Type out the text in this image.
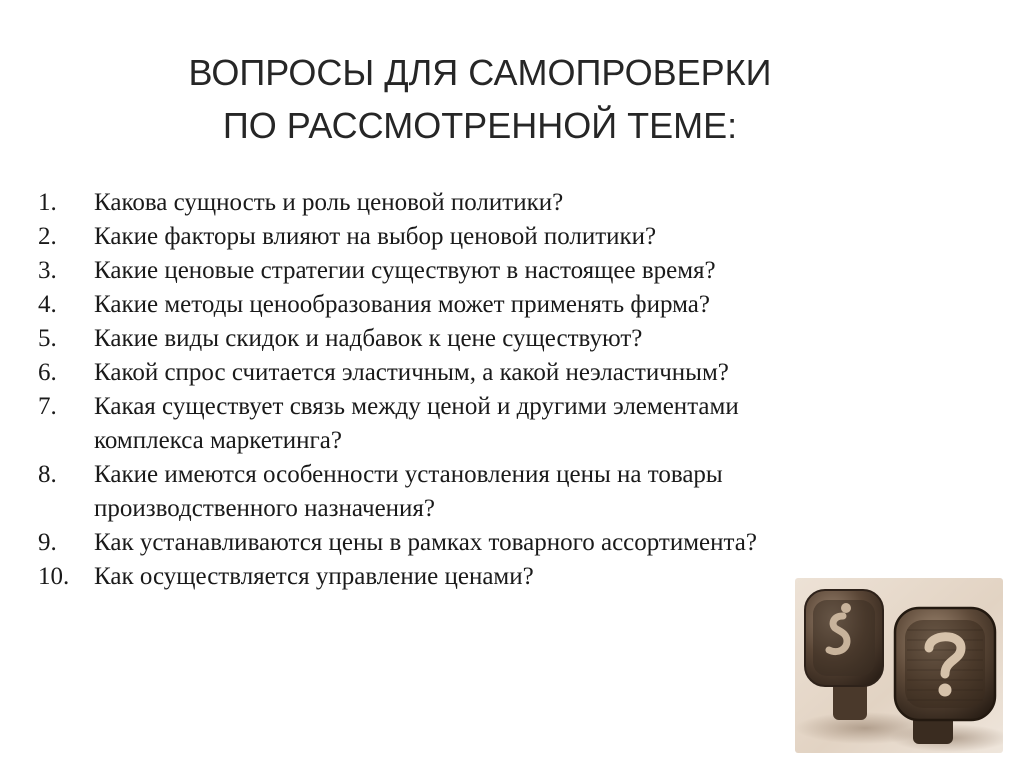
ВОПРОСЫ ДЛЯ САМОПРОВЕРКИ
ПО РАССМОТРЕННОЙ ТЕМЕ:
1.	Какова сущность и роль ценовой политики?
2.	Какие факторы влияют на выбор ценовой политики?
3.	Какие ценовые стратегии существуют в настоящее время?
4.	Какие методы ценообразования может применять фирма?
5.	Какие виды скидок и надбавок к цене существуют?
6.	Какой спрос считается эластичным, а какой неэластичным?
7.	Какая существует связь между ценой и другими элементами комплекса маркетинга?
8.	Какие имеются особенности установления цены на товары производственного назначения?
9.	Как устанавливаются цены в рамках товарного ассортимента?
10. Как осуществляется управление ценами?
